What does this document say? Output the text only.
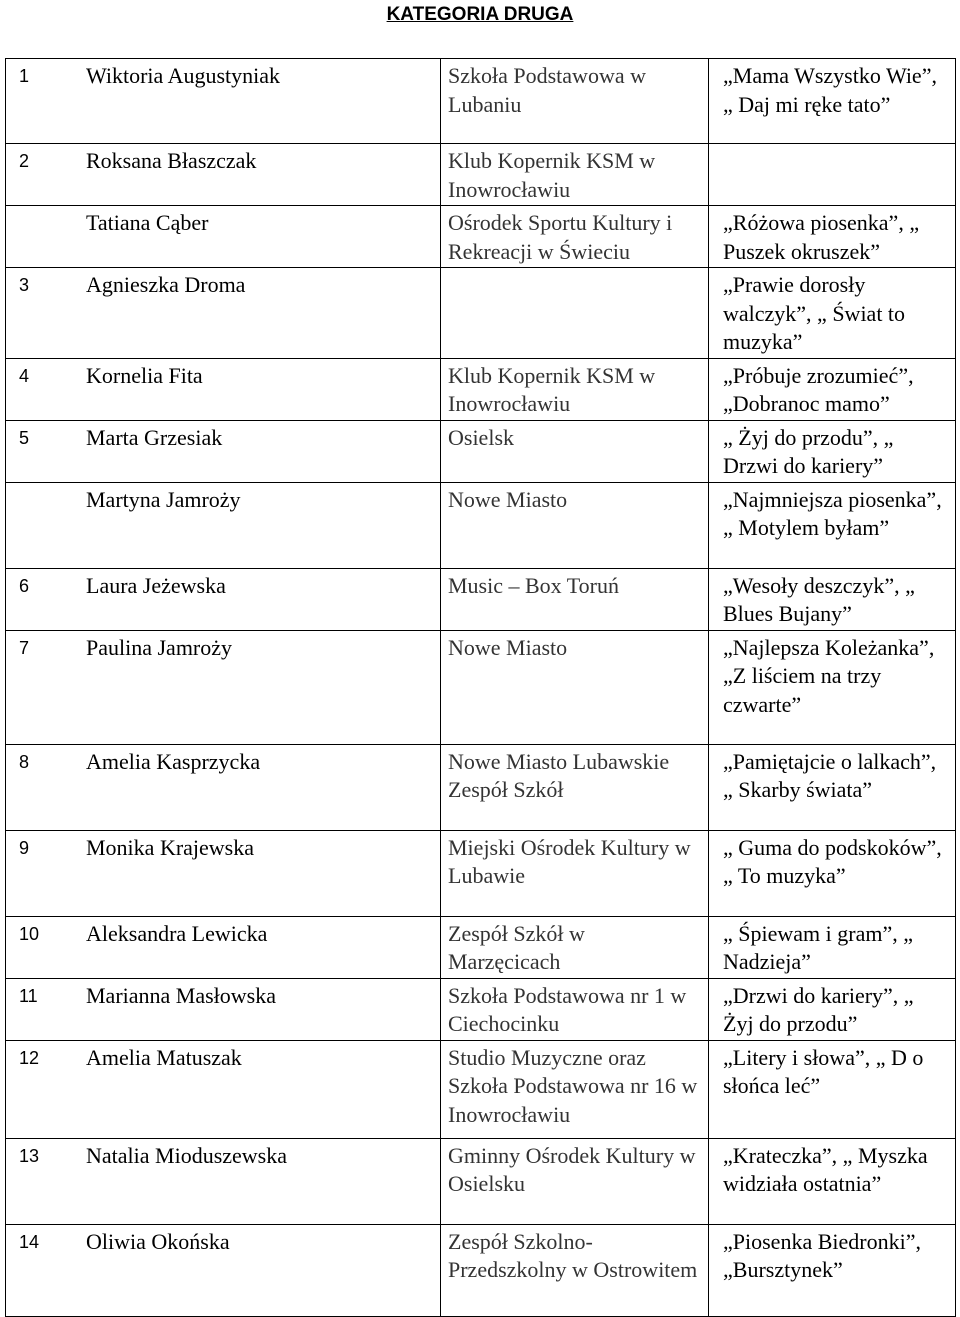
KATEGORIA DRUGA
1 Wiktoria Augustyniak	Szkoła Podstawowa w Lubaniu	„Mama Wszystko Wie”, „ Daj mi ręke tato”

2 Roksana Błaszczak	Klub Kopernik KSM w Inowrocławiu	

Tatiana Cąber	Ośrodek Sportu Kultury i Rekreacji w Świeciu	„Różowa piosenka”, „ Puszek okruszek”

3 Agnieszka Droma		„Prawie dorosły walczyk”, „ Świat to muzyka”

4 Kornelia Fita	Klub Kopernik KSM w Inowrocławiu	„Próbuje zrozumieć”, „Dobranoc mamo”

5 Marta Grzesiak	Osielsk	„ Żyj do przodu”, „ Drzwi do kariery”

Martyna Jamroży	Nowe Miasto	„Najmniejsza piosenka”, „ Motylem byłam”

6 Laura Jeżewska	Music – Box Toruń	„Wesoły deszczyk”, „ Blues Bujany”

7 Paulina Jamroży	Nowe Miasto	„Najlepsza Koleżanka”, „Z liściem na trzy czwarte”

8 Amelia Kasprzycka	Nowe Miasto Lubawskie Zespół Szkół	„Pamiętajcie o lalkach”, „ Skarby świata”

9 Monika Krajewska	Miejski Ośrodek Kultury w Lubawie	„ Guma do podskoków”, „ To muzyka”

10 Aleksandra Lewicka	Zespół Szkół w Marzęcicach	„ Śpiewam i gram”, „ Nadzieja”

11 Marianna Masłowska	Szkoła Podstawowa nr 1 w Ciechocinku	„Drzwi do kariery”, „ Żyj do przodu”

12 Amelia Matuszak	Studio Muzyczne oraz Szkoła Podstawowa nr 16 w Inowrocławiu	„Litery i słowa”, „ D o słońca leć”

13 Natalia Mioduszewska	Gminny Ośrodek Kultury w Osielsku	„Krateczka”, „ Myszka widziała ostatnia”

14 Oliwia Okońska	Zespół Szkolno-Przedszkolny w Ostrowitem	„Piosenka Biedronki”, „Bursztynek”
